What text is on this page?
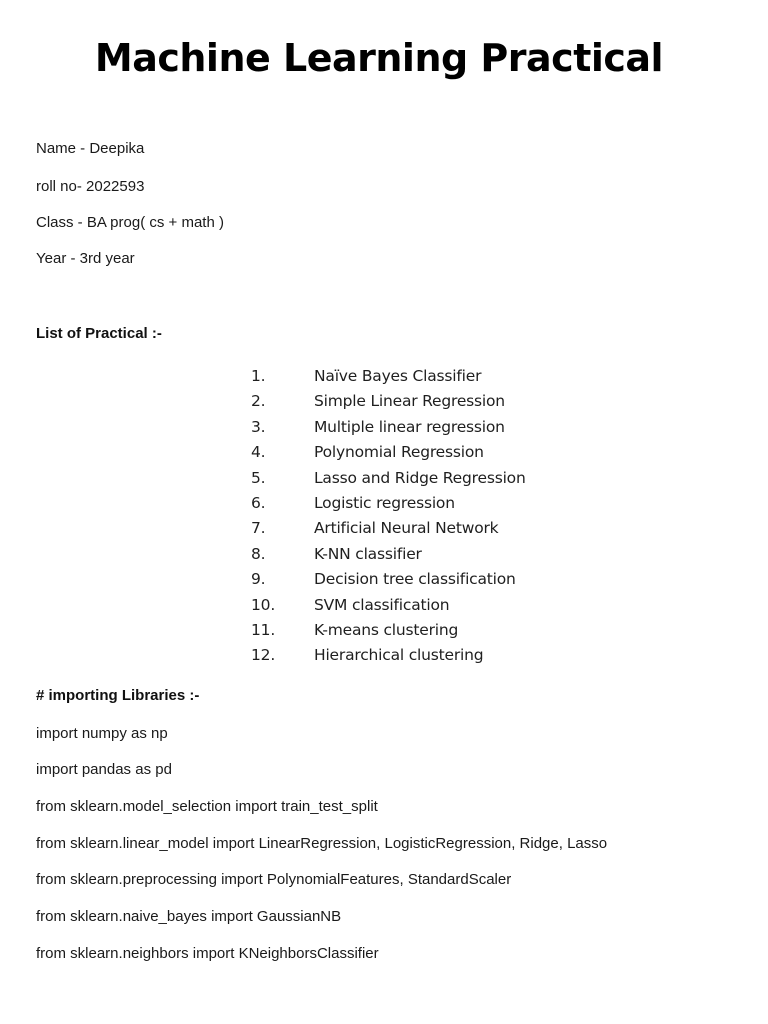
Machine Learning Practical

Name - Deepika

roll no- 2022593

Class - BA prog( cs + math )

Year - 3rd year

List of Practical :-

1.	Naïve Bayes Classifier
2.	Simple Linear Regression
3.	Multiple linear regression
4.	Polynomial Regression
5.	Lasso and Ridge Regression
6.	Logistic regression
7.	Artificial Neural Network
8.	K-NN classifier
9.	Decision tree classification
10.	SVM classification
11.	K-means clustering
12.	Hierarchical clustering

# importing Libraries :-

import numpy as np

import pandas as pd

from sklearn.model_selection import train_test_split

from sklearn.linear_model import LinearRegression, LogisticRegression, Ridge, Lasso

from sklearn.preprocessing import PolynomialFeatures, StandardScaler

from sklearn.naive_bayes import GaussianNB

from sklearn.neighbors import KNeighborsClassifier
